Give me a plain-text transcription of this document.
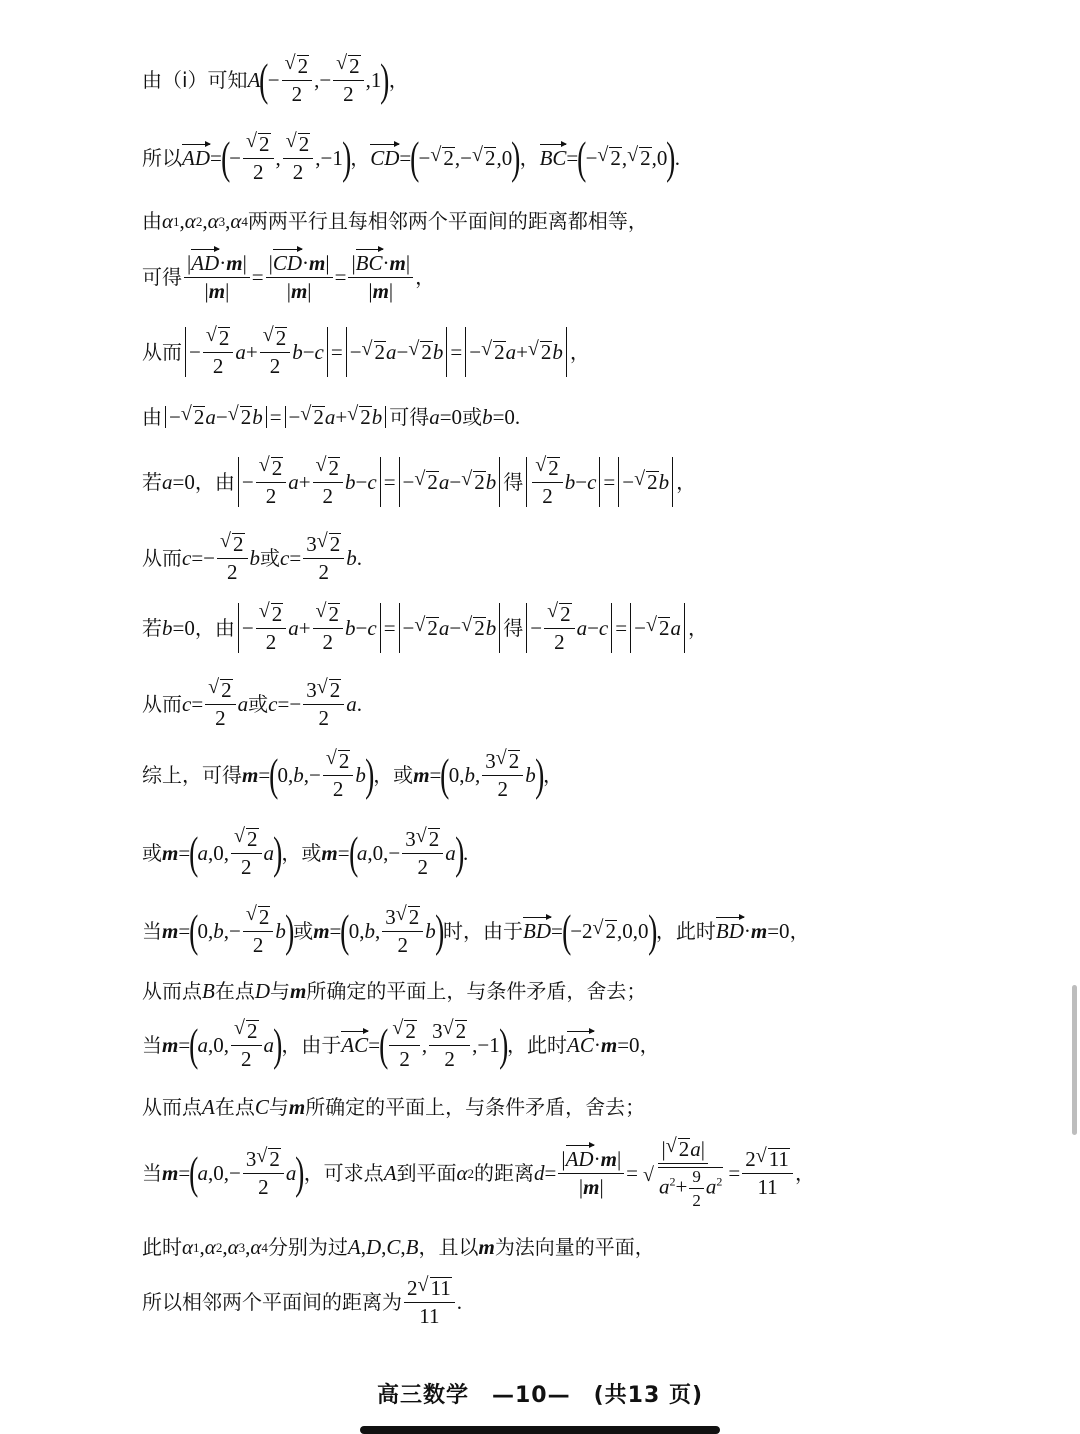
由（i）可知 A ( − √ $\frac{2}{2}$ ,− √ $\frac{2}{2} ,1$ ) ，
所以 AD = ( − √ $\frac{2}{2}$ , √ $\frac{2}{2} ,-1$ ) ， CD = ( − √ 2 ,− √ 2 ,0 ) ， BC = ( − √ 2 , √ 2 ,0 ) .
由 α 1 , α 2 , α 3 , α 4 两两平行且每相邻两个平面间的距离都相等，
可得 $\frac{|AD\cdot m|}{|m|} = \frac{|CD\cdot m|}{|m|} = \frac{|BC\cdot m|}{|m|}$ ，
从而 − √ $\frac{2}{2}$ a + √ $\frac{2}{2}$ b − c = − √ 2 a − √ 2 b = − √ 2 a + √ 2 b ，
由 − √ 2 a − √ 2 b = − √ 2 a + √ 2 b 可得 a =0 或 b =0.
若 a =0 ，由 − √ $\frac{2}{2}$ a + √ $\frac{2}{2}$ b − c = − √ 2 a − √ 2 b 得 √ $\frac{2}{2}$ b − c = − √ 2 b ，
从而 c =− √ $\frac{2}{2}$ b 或 $c = \frac{3 √ 2}{2}$ b .
若 b =0 ，由 − √ $\frac{2}{2}$ a + √ $\frac{2}{2}$ b − c = − √ 2 a − √ 2 b 得 − √ $\frac{2}{2}$ a − c = − √ 2 a ，
从而 c = √ $\frac{2}{2}$ a 或 $c =- \frac{3 √ 2}{2}$ a .
综上，可得 m = ( 0, b ,− √ $\frac{2}{2}$ b ) ，或 m = ( 0, b , $\frac{3 √ 2}{2}$ b ) ，
或 m = ( a ,0, √ $\frac{2}{2}$ a ) ，或 m = ( a $,0,- \frac{3 √ 2}{2}$ a ) .
当 m = ( 0, b ,− √ $\frac{2}{2}$ b ) 或 m = ( 0, b , $\frac{3 √ 2}{2}$ b ) 时，由于 BD = ( −2 √ 2 ,0,0 ) ，此时 BD · m =0 ，
从而点 B 在点 D 与 m 所确定的平面上，与条件矛盾，舍去；
当 m = ( a ,0, √ $\frac{2}{2}$ a ) ，由于 AC = ( √ $\frac{2}{2}$ , $\frac{3 √ 2}{2} ,-1$ ) ，此时 AC · m =0 ，
从而点 A 在点 C 与 m 所确定的平面上，与条件矛盾，舍去；
当 m = ( a $,0,- \frac{3 √ 2}{2}$ a ) ，可求点 A 到平面 α 2 的距离 $d = \frac{|AD\cdot m|}{|m|}$ = | √ 2a|
√ $a^2+ \frac{9}{2} a^2 = \frac{2 √ 11}{11}$ ，
此时 α 1 , α 2 , α 3 , α 4 分别为过 A , D , C , B ，且以 m 为法向量的平面，
所以相邻两个平面间的距离为 $\frac{2 √ 11}{11}$ .
高三数学　—10—　(共13 页)
